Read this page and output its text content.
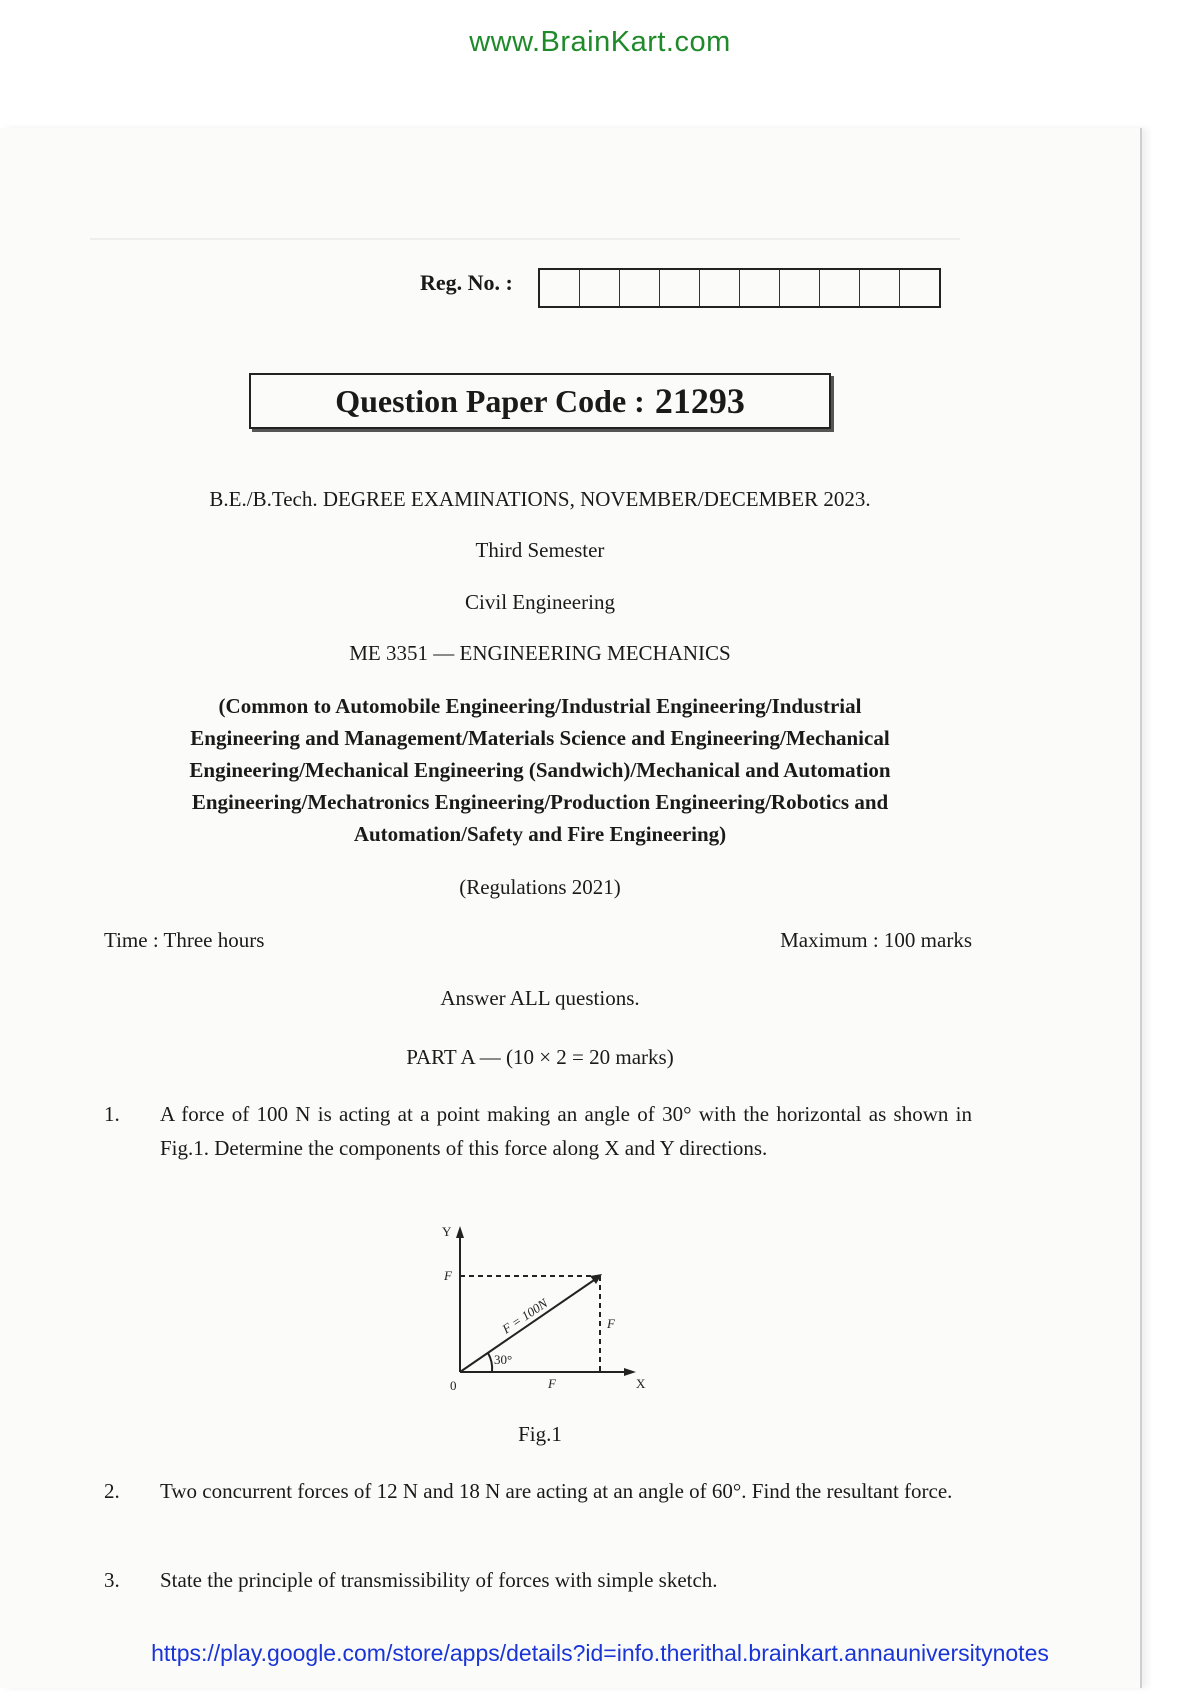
www.BrainKart.com
Reg. No. :
Question Paper Code : 21293
B.E./B.Tech. DEGREE EXAMINATIONS, NOVEMBER/DECEMBER 2023.
Third Semester
Civil Engineering
ME 3351 — ENGINEERING MECHANICS
(Common to Automobile Engineering/Industrial Engineering/Industrial
Engineering and Management/Materials Science and Engineering/Mechanical
Engineering/Mechanical Engineering (Sandwich)/Mechanical and Automation
Engineering/Mechatronics Engineering/Production Engineering/Robotics and
Automation/Safety and Fire Engineering)
(Regulations 2021)
Time : Three hours	Maximum : 100 marks
Answer ALL questions.
PART A — (10 × 2 = 20 marks)
1. A force of 100 N is acting at a point making an angle of 30° with the horizontal as shown in Fig.1. Determine the components of this force along X and Y directions.
Y
X
0
F
F = 100N	F
30°
F
Fig.1
2. Two concurrent forces of 12 N and 18 N are acting at an angle of 60°. Find the resultant force.
3. State the principle of transmissibility of forces with simple sketch.
https://play.google.com/store/apps/details?id=info.therithal.brainkart.annauniversitynotes
